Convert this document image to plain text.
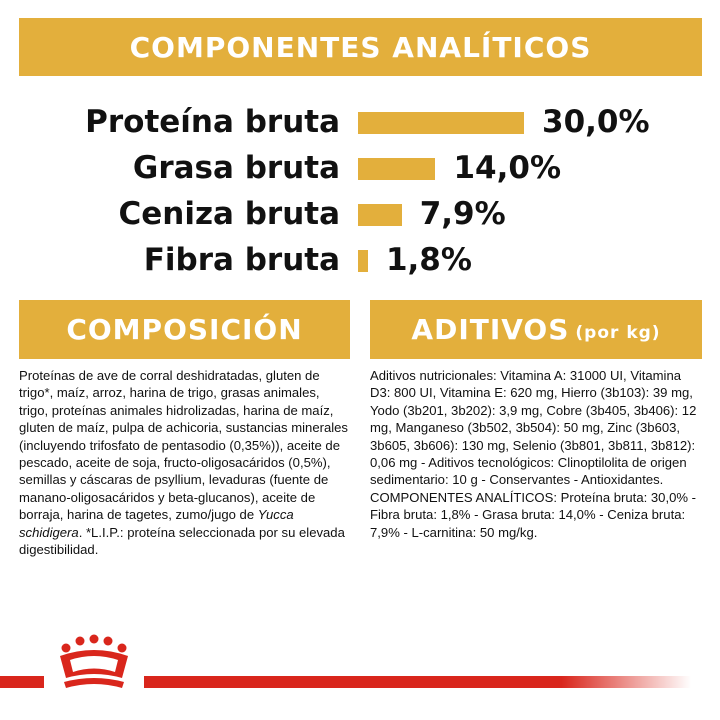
COMPONENTES ANALÍTICOS
Proteína bruta	30,0%
Grasa bruta	14,0%
Ceniza bruta	7,9%
Fibra bruta 1,8%
COMPOSICIÓN	ADITIVOS (por kg)

Proteínas de ave de corral deshidratadas, gluten de trigo*, maíz, arroz, harina de trigo, grasas animales, trigo, proteínas animales hidrolizadas, harina de maíz, gluten de maíz, pulpa de achicoria, sustancias minerales (incluyendo trifosfato de pentasodio (0,35%)), aceite de pescado, aceite de soja, fructo-oligosacáridos (0,5%), semillas y cáscaras de psyllium, levaduras (fuente de manano-oligosacáridos y beta-glucanos), aceite de borraja, harina de tagetes, zumo/jugo de Yucca schidigera. *L.I.P.: proteína seleccionada por su elevada digestibilidad.

Aditivos nutricionales: Vitamina A: 31000 UI, Vitamina D3: 800 UI, Vitamina E: 620 mg, Hierro (3b103): 39 mg, Yodo (3b201, 3b202): 3,9 mg, Cobre (3b405, 3b406): 12 mg, Manganeso (3b502, 3b504): 50 mg, Zinc (3b603, 3b605, 3b606): 130 mg, Selenio (3b801, 3b811, 3b812): 0,06 mg - Aditivos tecnológicos: Clinoptilolita de origen sedimentario: 10 g - Conservantes - Antioxidantes.

COMPONENTES ANALÍTICOS: Proteína bruta: 30,0% - Fibra bruta: 1,8% - Grasa bruta: 14,0% - Ceniza bruta: 7,9% - L-carnitina: 50 mg/kg.
